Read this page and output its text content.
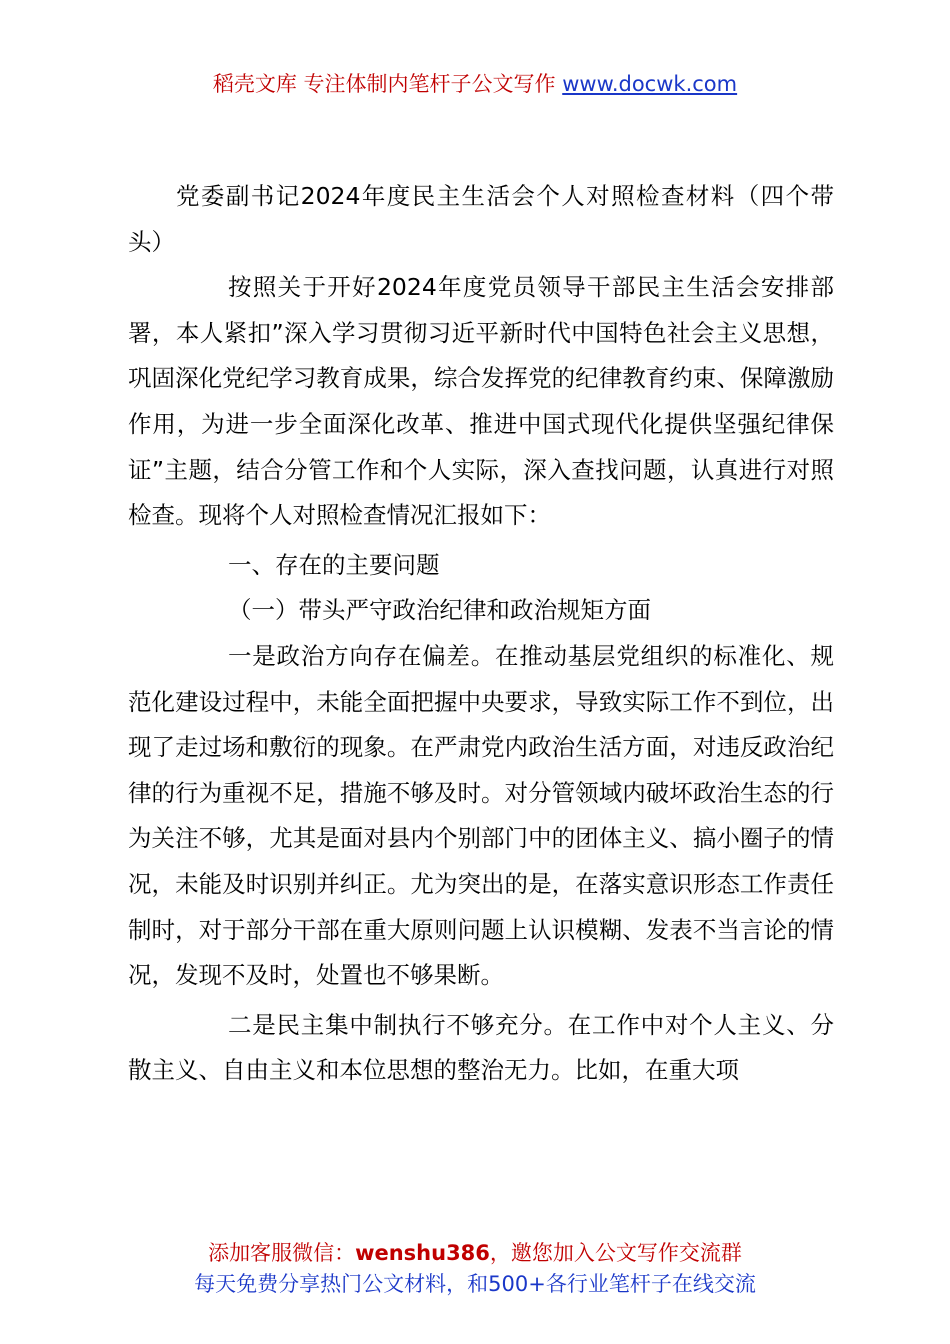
稻壳文库 专注体制内笔杆子公文写作 www.docwk.com

党委副书记2024年度民主生活会个人对照检查材料（四个带头）

按照关于开好2024年度党员领导干部民主生活会安排部署，本人紧扣”深入学习贯彻习近平新时代中国特色社会主义思想，巩固深化党纪学习教育成果，综合发挥党的纪律教育约束、保障激励作用，为进一步全面深化改革、推进中国式现代化提供坚强纪律保证”主题，结合分管工作和个人实际，深入查找问题，认真进行对照检查。现将个人对照检查情况汇报如下：

一、存在的主要问题

（一）带头严守政治纪律和政治规矩方面

一是政治方向存在偏差。在推动基层党组织的标准化、规范化建设过程中，未能全面把握中央要求，导致实际工作不到位，出现了走过场和敷衍的现象。在严肃党内政治生活方面，对违反政治纪律的行为重视不足，措施不够及时。对分管领域内破坏政治生态的行为关注不够，尤其是面对县内个别部门中的团体主义、搞小圈子的情况，未能及时识别并纠正。尤为突出的是，在落实意识形态工作责任制时，对于部分干部在重大原则问题上认识模糊、发表不当言论的情况，发现不及时，处置也不够果断。

二是民主集中制执行不够充分。在工作中对个人主义、分散主义、自由主义和本位思想的整治无力。比如，在重大项

添加客服微信：wenshu386，邀您加入公文写作交流群
每天免费分享热门公文材料，和500+各行业笔杆子在线交流
